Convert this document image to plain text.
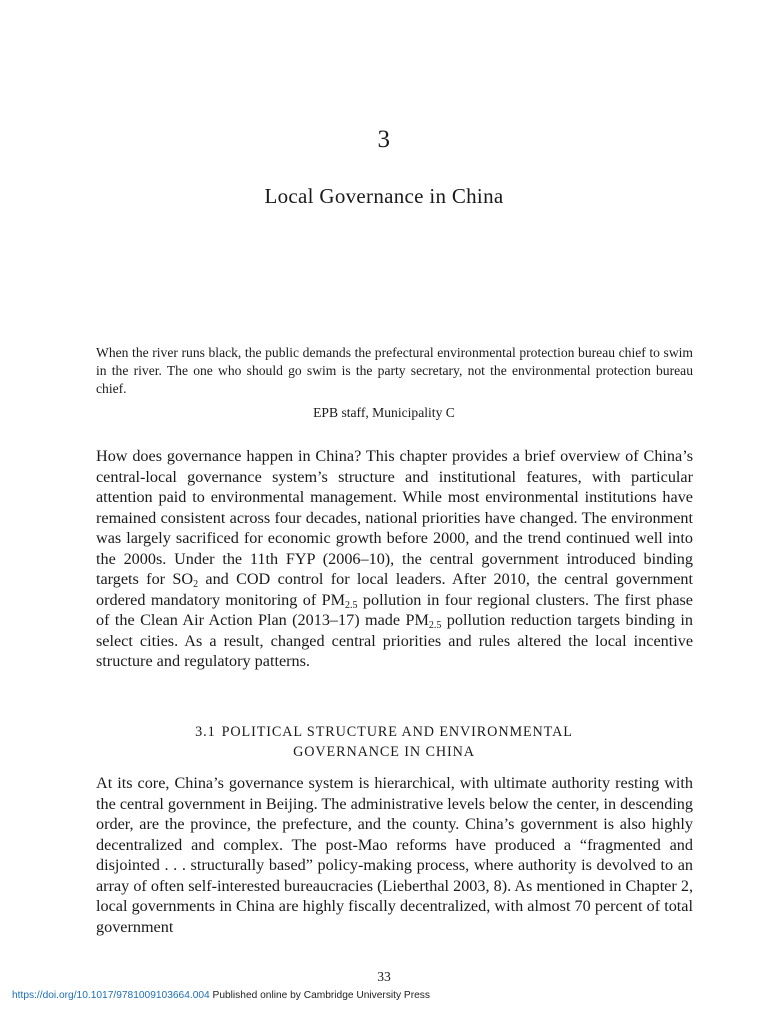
3
Local Governance in China
When the river runs black, the public demands the prefectural environmental protection bureau chief to swim in the river. The one who should go swim is the party secretary, not the environmental protection bureau chief.
EPB staff, Municipality C
How does governance happen in China? This chapter provides a brief overview of China’s central-local governance system’s structure and institutional features, with particular attention paid to environmental management. While most environmental institutions have remained consistent across four decades, national priorities have changed. The environment was largely sacrificed for economic growth before 2000, and the trend continued well into the 2000s. Under the 11th FYP (2006–10), the central government introduced binding targets for $SO_2$ and COD control for local leaders. After 2010, the central government ordered mandatory monitoring of $PM_{2.5}$ pollution in four regional clusters. The first phase of the Clean Air Action Plan (2013–17) made $PM_{2.5}$ pollution reduction targets binding in select cities. As a result, changed central priorities and rules altered the local incentive structure and regulatory patterns.
3.1 POLITICAL STRUCTURE AND ENVIRONMENTAL
GOVERNANCE IN CHINA
At its core, China’s governance system is hierarchical, with ultimate authority resting with the central government in Beijing. The administrative levels below the center, in descending order, are the province, the prefecture, and the county. China’s government is also highly decentralized and complex. The post-Mao reforms have produced a “fragmented and disjointed . . . structurally based” policy-making process, where authority is devolved to an array of often self-interested bureaucracies (Lieberthal 2003, 8). As mentioned in Chapter 2, local governments in China are highly fiscally decentralized, with almost 70 percent of total government
33
https://doi.org/10.1017/9781009103664.004 Published online by Cambridge University Press
